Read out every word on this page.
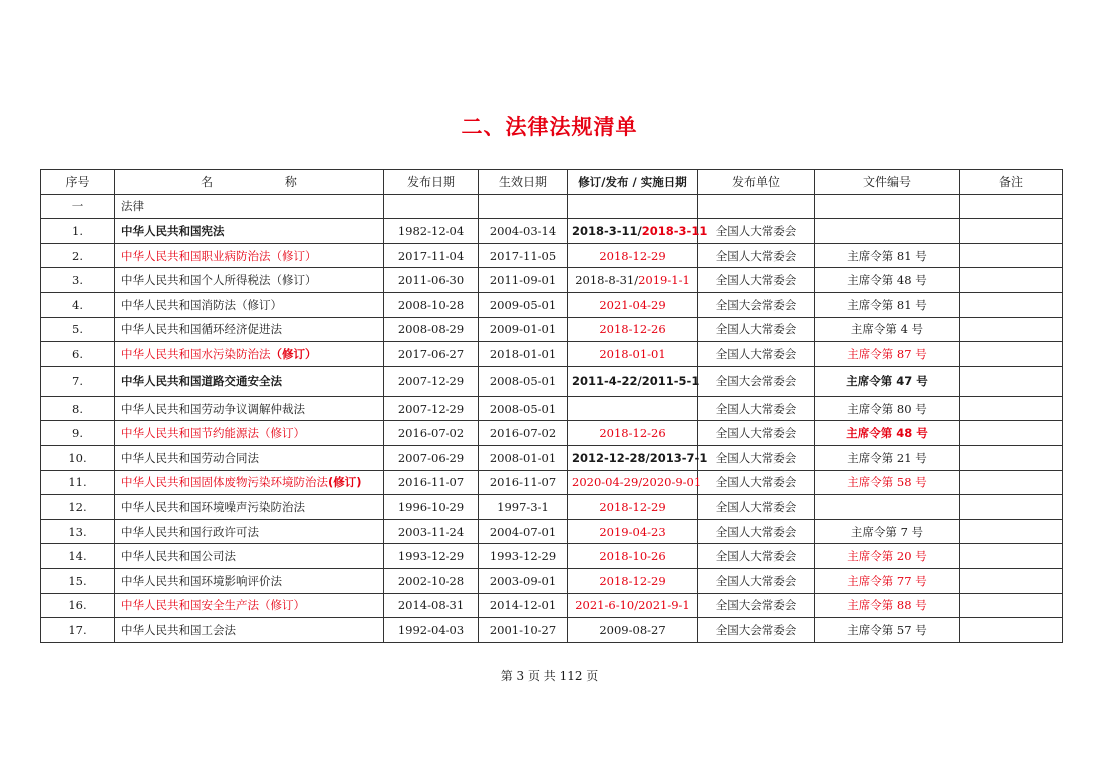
二、法律法规清单
序号	名 称	发布日期	生效日期	修订/发布 / 实施日期	发布单位	文件编号	备注
一	法律						
1.	中华人民共和国宪法	1982-12-04	2004-03-14	2018-3-11/2018-3-11	全国人大常委会		
2.	中华人民共和国职业病防治法（修订）	2017-11-04	2017-11-05	2018-12-29	全国人大常委会	主席令第 81 号	
3.	中华人民共和国个人所得税法（修订）	2011-06-30	2011-09-01	2018-8-31/2019-1-1	全国人大常委会	主席令第 48 号	
4.	中华人民共和国消防法（修订）	2008-10-28	2009-05-01	2021-04-29	全国大会常委会	主席令第 81 号	
5.	中华人民共和国循环经济促进法	2008-08-29	2009-01-01	2018-12-26	全国人大常委会	主席令第 4 号	
6.	中华人民共和国水污染防治法（修订）	2017-06-27	2018-01-01	2018-01-01	全国人大常委会	主席令第 87 号	
7.	中华人民共和国道路交通安全法	2007-12-29	2008-05-01	2011-4-22/2011-5-1	全国大会常委会	主席令第 47 号	
8.	中华人民共和国劳动争议调解仲裁法	2007-12-29	2008-05-01		全国人大常委会	主席令第 80 号	
9.	中华人民共和国节约能源法（修订）	2016-07-02	2016-07-02	2018-12-26	全国人大常委会	主席令第 48 号	
10.	中华人民共和国劳动合同法	2007-06-29	2008-01-01	2012-12-28/2013-7-1	全国人大常委会	主席令第 21 号	
11.	中华人民共和国固体废物污染环境防治法(修订)	2016-11-07	2016-11-07	2020-04-29/2020-9-01	全国人大常委会	主席令第 58 号	
12.	中华人民共和国环境噪声污染防治法	1996-10-29	1997-3-1	2018-12-29	全国人大常委会		
13.	中华人民共和国行政许可法	2003-11-24	2004-07-01	2019-04-23	全国人大常委会	主席令第 7 号	
14.	中华人民共和国公司法	1993-12-29	1993-12-29	2018-10-26	全国人大常委会	主席令第 20 号	
15.	中华人民共和国环境影响评价法	2002-10-28	2003-09-01	2018-12-29	全国人大常委会	主席令第 77 号	
16.	中华人民共和国安全生产法（修订）	2014-08-31	2014-12-01	2021-6-10/2021-9-1	全国大会常委会	主席令第 88 号	
17.	中华人民共和国工会法	1992-04-03	2001-10-27	2009-08-27	全国大会常委会	主席令第 57 号	
第 3 页 共 112 页
